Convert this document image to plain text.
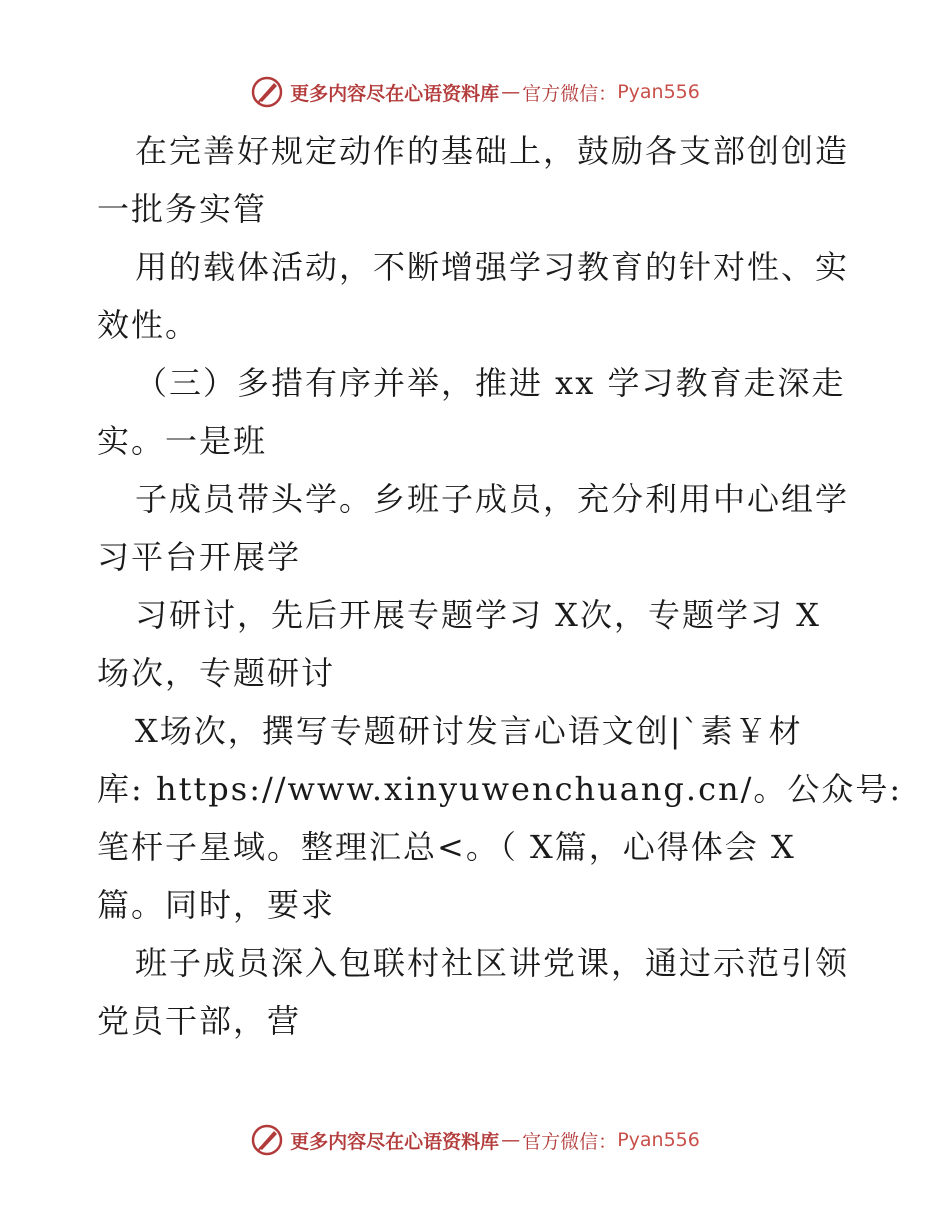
更多内容尽在心语资料库 — 官方微信： Pyan556
在完善好规定动作的基础上，鼓励各支部创创造
一批务实管
用的载体活动，不断增强学习教育的针对性、实
效性。
（三）多措有序并举，推进 xx 学习教育走深走
实。一是班
子成员带头学。乡班子成员，充分利用中心组学
习平台开展学
习研讨，先后开展专题学习 X次，专题学习 X
场次，专题研讨
X场次，撰写专题研讨发言心语文创|`素￥材
库: https://www.xinyuwenchuang.cn/。公众号:
笔杆子星域。整理汇总<。（ X篇，心得体会 X
篇。同时，要求
班子成员深入包联村社区讲党课，通过示范引领
党员干部，营
更多内容尽在心语资料库 — 官方微信： Pyan556
